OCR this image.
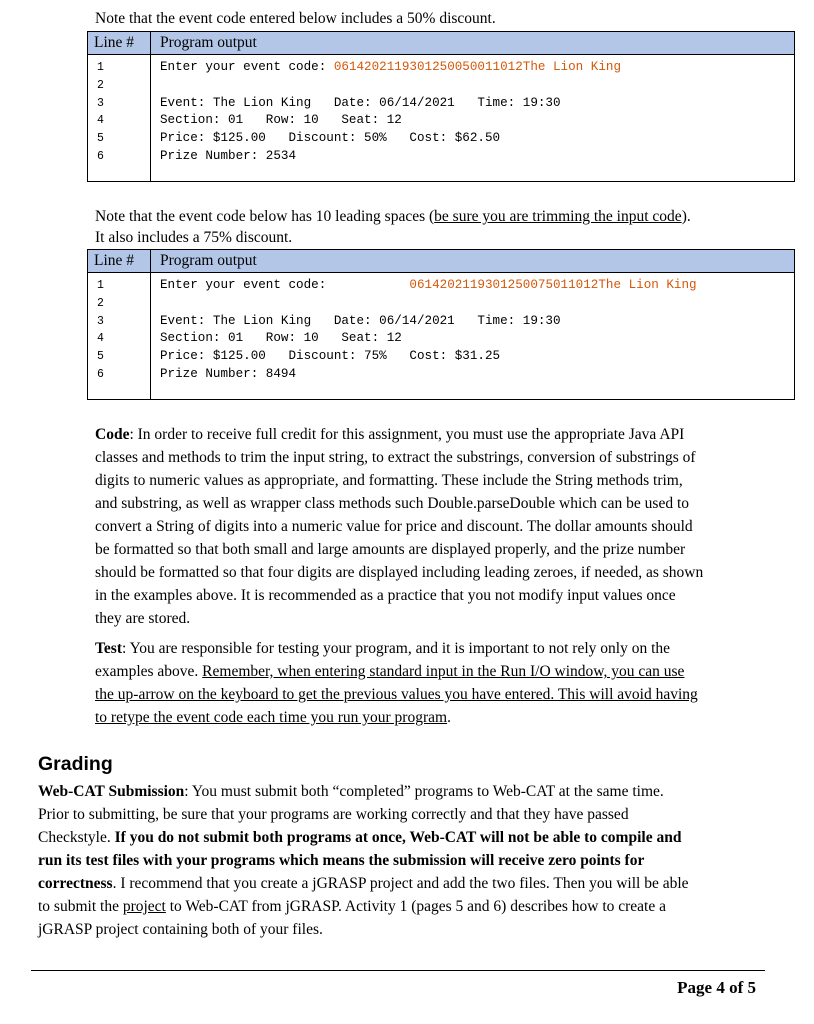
Note that the event code entered below includes a 50% discount.
Line #	Program output
1
2
3
4
5
6
Enter your event code: 0614202119301250050011012The Lion King
Event: The Lion King   Date: 06/14/2021   Time: 19:30
Section: 01   Row: 10   Seat: 12
Price: $125.00   Discount: 50%   Cost: $62.50
Prize Number: 2534
Note that the event code below has 10 leading spaces (be sure you are trimming the input code).
It also includes a 75% discount.
Line #	Program output
1
2
3
4
5
6
Enter your event code:           0614202119301250075011012The Lion King
Event: The Lion King   Date: 06/14/2021   Time: 19:30
Section: 01   Row: 10   Seat: 12
Price: $125.00   Discount: 75%   Cost: $31.25
Prize Number: 8494
Code: In order to receive full credit for this assignment, you must use the appropriate Java API
classes and methods to trim the input string, to extract the substrings, conversion of substrings of
digits to numeric values as appropriate, and formatting. These include the String methods trim,
and substring, as well as wrapper class methods such Double.parseDouble which can be used to
convert a String of digits into a numeric value for price and discount. The dollar amounts should
be formatted so that both small and large amounts are displayed properly, and the prize number
should be formatted so that four digits are displayed including leading zeroes, if needed, as shown
in the examples above. It is recommended as a practice that you not modify input values once
they are stored.
Test: You are responsible for testing your program, and it is important to not rely only on the
examples above. Remember, when entering standard input in the Run I/O window, you can use
the up-arrow on the keyboard to get the previous values you have entered. This will avoid having
to retype the event code each time you run your program.
Grading
Web-CAT Submission: You must submit both “completed” programs to Web-CAT at the same time.
Prior to submitting, be sure that your programs are working correctly and that they have passed
Checkstyle. If you do not submit both programs at once, Web-CAT will not be able to compile and
run its test files with your programs which means the submission will receive zero points for
correctness. I recommend that you create a jGRASP project and add the two files. Then you will be able
to submit the project to Web-CAT from jGRASP. Activity 1 (pages 5 and 6) describes how to create a
jGRASP project containing both of your files.
Page 4 of 5
